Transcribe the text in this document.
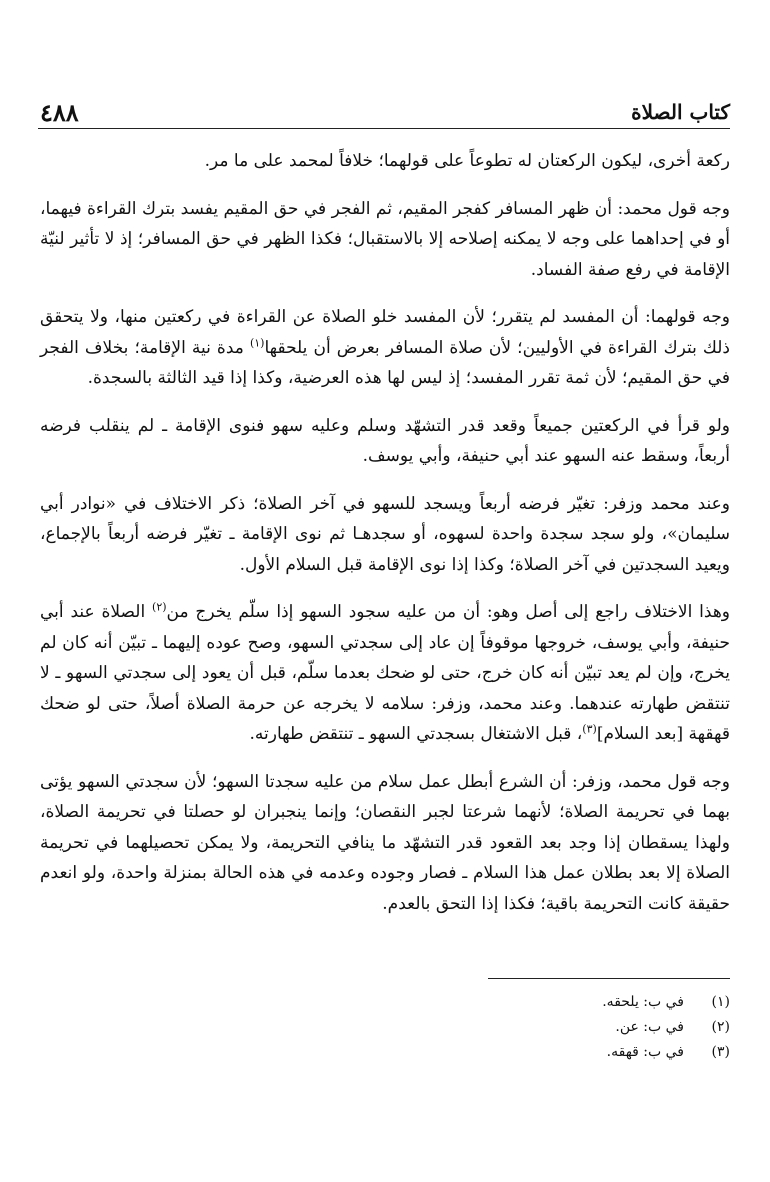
٤٨٨	كتاب الصلاة

ركعة أخرى، ليكون الركعتان له تطوعاً على قولهما؛ خلافاً لمحمد على ما مر.

وجه قول محمد: أن ظهر المسافر كفجر المقيم، ثم الفجر في حق المقيم يفسد بترك القراءة فيهما، أو في إحداهما على وجه لا يمكنه إصلاحه إلا بالاستقبال؛ فكذا الظهر في حق المسافر؛ إذ لا تأثير لنيّة الإقامة في رفع صفة الفساد.

وجه قولهما: أن المفسد لم يتقرر؛ لأن المفسد خلو الصلاة عن القراءة في ركعتين منها، ولا يتحقق ذلك بترك القراءة في الأوليين؛ لأن صلاة المسافر بعرض أن يلحقها$^{(١)}$ مدة نية الإقامة؛ بخلاف الفجر في حق المقيم؛ لأن ثمة تقرر المفسد؛ إذ ليس لها هذه العرضية، وكذا إذا قيد الثالثة بالسجدة.

ولو قرأ في الركعتين جميعاً وقعد قدر التشهّد وسلم وعليه سهو فنوى الإقامة ـ لم ينقلب فرضه أربعاً، وسقط عنه السهو عند أبي حنيفة، وأبي يوسف.

وعند محمد وزفر: تغيّر فرضه أربعاً ويسجد للسهو في آخر الصلاة؛ ذكر الاختلاف في «نوادر أبي سليمان»، ولو سجد سجدة واحدة لسهوه، أو سجدهـا ثم نوى الإقامة ـ تغيّر فرضه أربعاً بالإجماع، ويعيد السجدتين في آخر الصلاة؛ وكذا إذا نوى الإقامة قبل السلام الأول.

وهذا الاختلاف راجع إلى أصل وهو: أن من عليه سجود السهو إذا سلّم يخرج من$^{(٢)}$ الصلاة عند أبي حنيفة، وأبي يوسف، خروجها موقوفاً إن عاد إلى سجدتي السهو، وصح عوده إليهما ـ تبيّن أنه كان لم يخرج، وإن لم يعد تبيّن أنه كان خرج، حتى لو ضحك بعدما سلّم، قبل أن يعود إلى سجدتي السهو ـ لا تنتقض طهارته عندهما. وعند محمد، وزفر: سلامه لا يخرجه عن حرمة الصلاة أصلاً، حتى لو ضحك قهقهة [بعد السلام]$^{(٣)}$، قبل الاشتغال بسجدتي السهو ـ تنتقض طهارته.

وجه قول محمد، وزفر: أن الشرع أبطل عمل سلام من عليه سجدتا السهو؛ لأن سجدتي السهو يؤتى بهما في تحريمة الصلاة؛ لأنهما شرعتا لجبر النقصان؛ وإنما ينجبران لو حصلتا في تحريمة الصلاة، ولهذا يسقطان إذا وجد بعد القعود قدر التشهّد ما ينافي التحريمة، ولا يمكن تحصيلهما في تحريمة الصلاة إلا بعد بطلان عمل هذا السلام ـ فصار وجوده وعدمه في هذه الحالة بمنزلة واحدة، ولو انعدم حقيقة كانت التحريمة باقية؛ فكذا إذا التحق بالعدم.

(١)
في ب: يلحقه.
(٢)
في ب: عن.
(٣)
في ب: قهقه.
